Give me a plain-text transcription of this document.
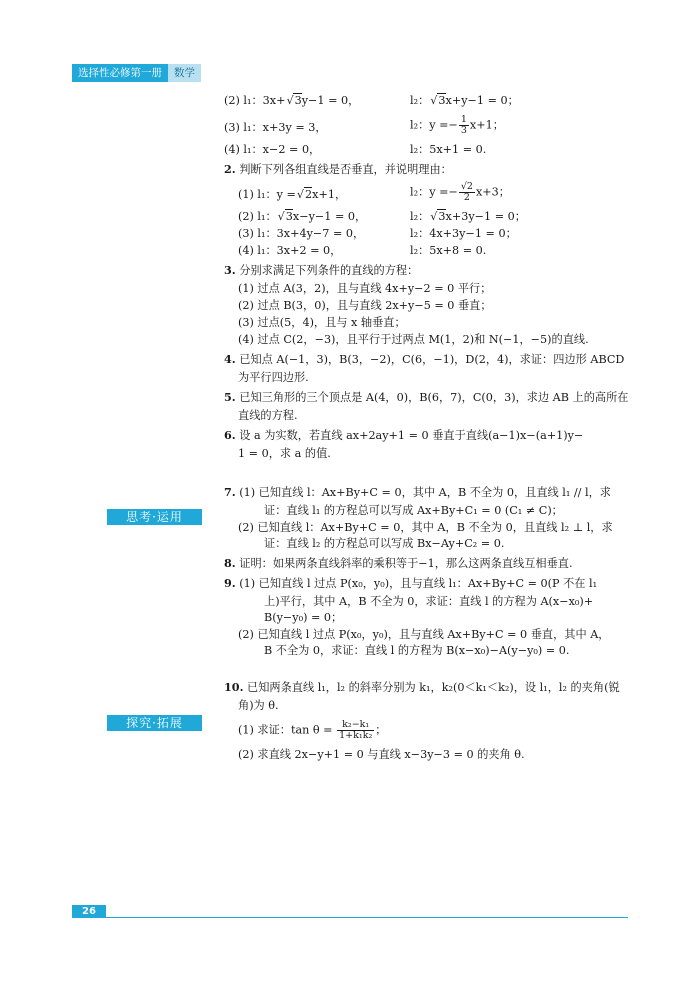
选择性必修第一册	数学
(2) l₁：3x+ √ 3y−1 = 0，	l₂： √ 3x+y−1 = 0；
(3) l₁：x+3y = 3，	l₂：$y =- \frac{1}{3} x+1$；
(4) l₁：x−2 = 0，	l₂：5x+1 = 0.
2. 判断下列各组直线是否垂直，并说明理由：
(1) l₁：y = √ 2x+1，	l₂：$y =- \frac{√2}{2} x+3$；
(2) l₁： √ 3x−y−1 = 0，	l₂： √ 3x+3y−1 = 0；
(3) l₁：3x+4y−7 = 0，	l₂：4x+3y−1 = 0；
(4) l₁：3x+2 = 0，	l₂：5x+8 = 0.
3. 分别求满足下列条件的直线的方程：
(1) 过点 A(3，2)，且与直线 4x+y−2 = 0 平行；
(2) 过点 B(3，0)，且与直线 2x+y−5 = 0 垂直；
(3) 过点(5，4)，且与 x 轴垂直；
(4) 过点 C(2，−3)，且平行于过两点 M(1，2)和 N(−1，−5)的直线.
4. 已知点 A(−1，3)，B(3，−2)，C(6，−1)，D(2，4)，求证：四边形 ABCD
为平行四边形.
5. 已知三角形的三个顶点是 A(4，0)，B(6，7)，C(0，3)，求边 AB 上的高所在
直线的方程.
6. 设 a 为实数，若直线 ax+2ay+1 = 0 垂直于直线(a−1)x−(a+1)y−
1 = 0，求 a 的值.
7. (1) 已知直线 l：Ax+By+C = 0，其中 A，B 不全为 0，且直线 l₁ // l，求
证：直线 l₁ 的方程总可以写成 Ax+By+C₁ = 0 (C₁ ≠ C)；
(2) 已知直线 l：Ax+By+C = 0，其中 A，B 不全为 0，且直线 l₂ ⊥ l，求
证：直线 l₂ 的方程总可以写成 Bx−Ay+C₂ = 0.
8. 证明：如果两条直线斜率的乘积等于−1，那么这两条直线互相垂直.
9. (1) 已知直线 l 过点 P(x₀，y₀)，且与直线 l₁：Ax+By+C = 0(P 不在 l₁
上)平行，其中 A，B 不全为 0，求证：直线 l 的方程为 A(x−x₀)+
B(y−y₀) = 0；
(2) 已知直线 l 过点 P(x₀，y₀)，且与直线 Ax+By+C = 0 垂直，其中 A，
B 不全为 0，求证：直线 l 的方程为 B(x−x₀)−A(y−y₀) = 0.
10. 已知两条直线 l₁，l₂ 的斜率分别为 k₁，k₂(0＜k₁＜k₂)，设 l₁，l₂ 的夹角(锐
角)为 θ.
(1) 求证：$\tan \theta = \frac{\text{k₂−k₁}}{\text{1+k₁k₂}}$ ；
(2) 求直线 2x−y+1 = 0 与直线 x−3y−3 = 0 的夹角 θ.
思考·运用
探究·拓展
26
